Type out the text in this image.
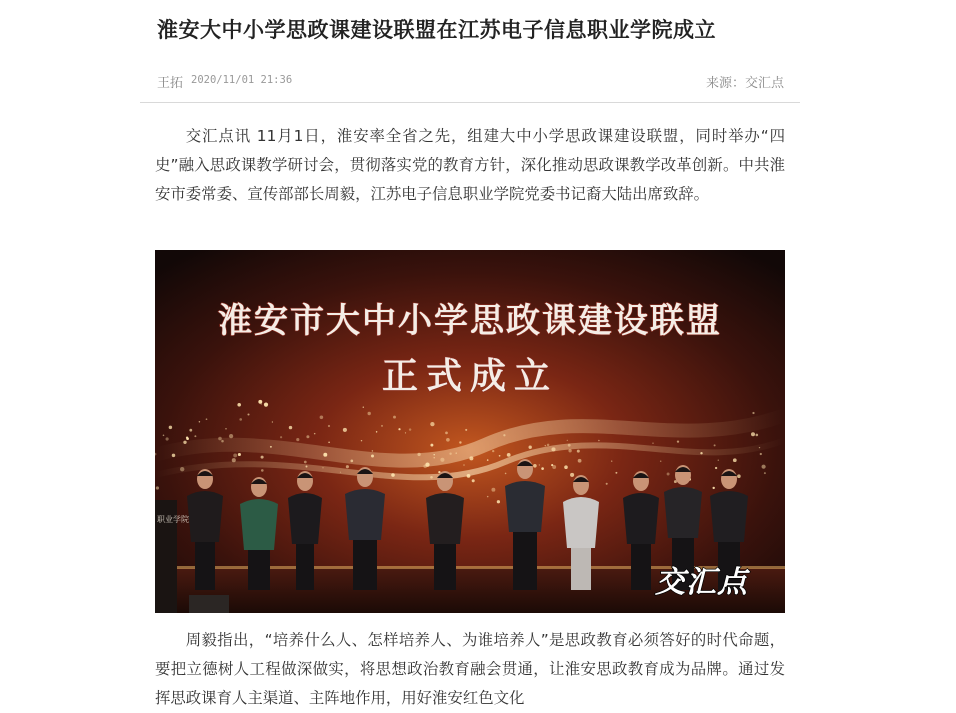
淮安大中小学思政课建设联盟在江苏电子信息职业学院成立
王拓 2020/11/01 21:36	来源：交汇点

交汇点讯 11月1日，淮安率全省之先，组建大中小学思政课建设联盟，同时举办“四史”融入思政课教学研讨会，贯彻落实党的教育方针，深化推动思政课教学改革创新。中共淮安市委常委、宣传部部长周毅，江苏电子信息职业学院党委书记裔大陆出席致辞。

淮安市大中小学思政课建设联盟
正式成立
职业学院
交汇点

周毅指出，“培养什么人、怎样培养人、为谁培养人”是思政教育必须答好的时代命题，要把立德树人工程做深做实，将思想政治教育融会贯通，让淮安思政教育成为品牌。通过发挥思政课育人主渠道、主阵地作用，用好淮安红色文化
